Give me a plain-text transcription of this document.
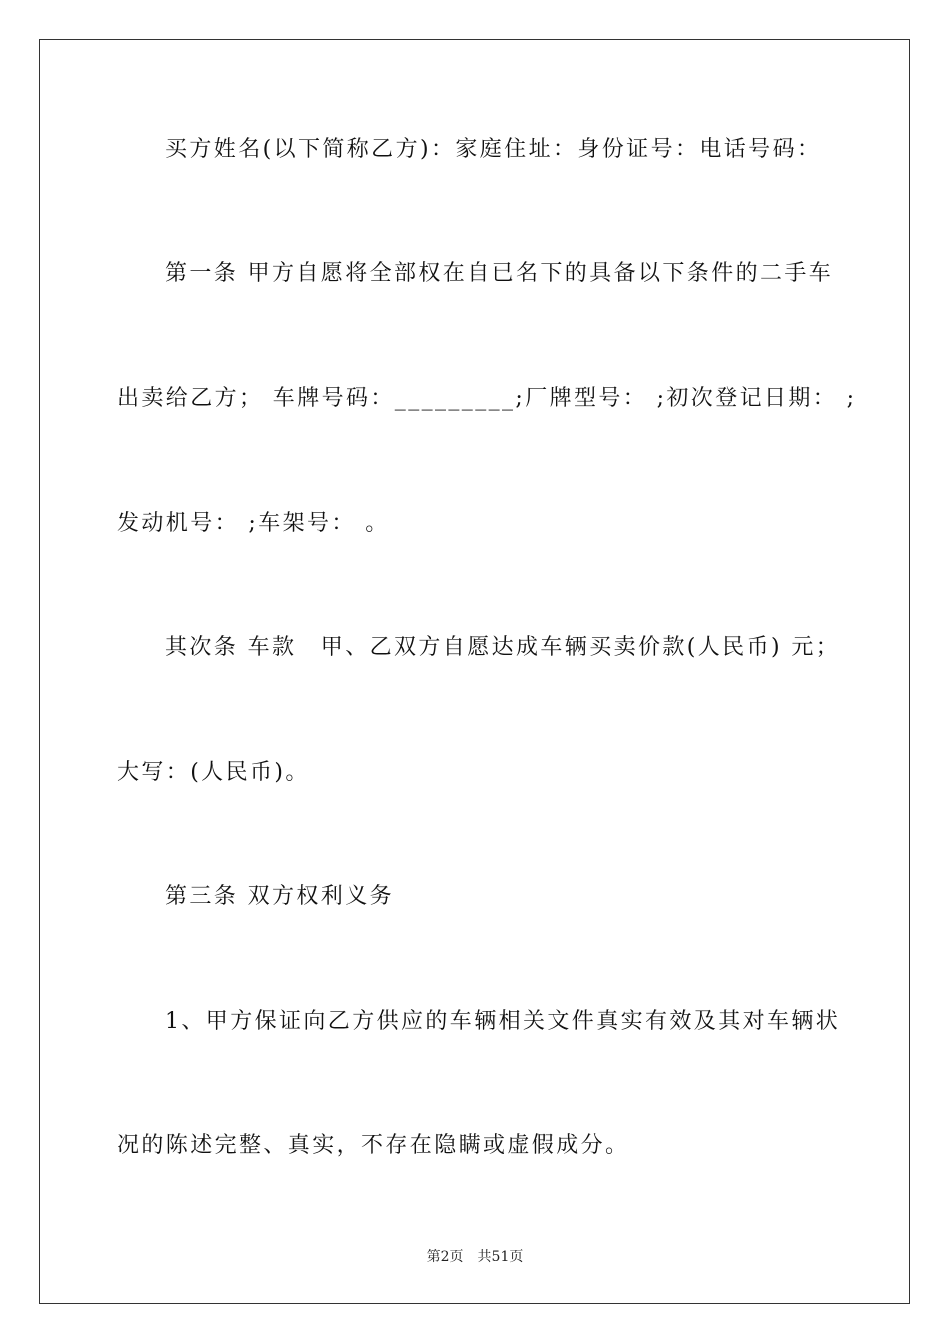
买方姓名(以下简称乙方)：家庭住址：身份证号：电话号码：
第一条 甲方自愿将全部权在自已名下的具备以下条件的二手车
出卖给乙方； 车牌号码：_________;厂牌型号： ;初次登记日期： ;
发动机号： ;车架号： 。
其次条 车款　甲、乙双方自愿达成车辆买卖价款(人民币) 元；
大写：(人民币)。
第三条 双方权利义务
1、甲方保证向乙方供应的车辆相关文件真实有效及其对车辆状
况的陈述完整、真实，不存在隐瞒或虚假成分。
第2页 共51页
